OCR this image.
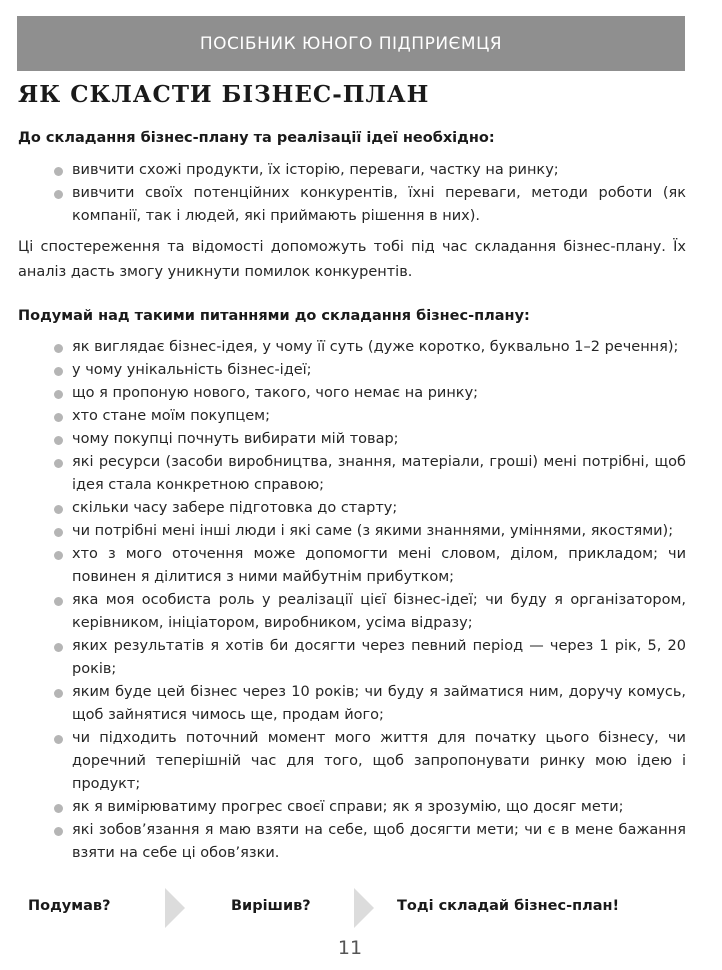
ПОСІБНИК ЮНОГО ПІДПРИЄМЦЯ
ЯК СКЛАСТИ БІЗНЕС-ПЛАН

До складання бізнес-плану та реалізації ідеї необхідно:

вивчити схожі продукти, їх історію, переваги, частку на ринку;
вивчити своїх потенційних конкурентів, їхні переваги, методи роботи (як компанії, так і людей, які приймають рішення в них).

Ці спостереження та відомості допоможуть тобі під час складання бізнес-плану. Їх аналіз дасть змогу уникнути помилок конкурентів.

Подумай над такими питаннями до складання бізнес-плану:

як виглядає бізнес-ідея, у чому її суть (дуже коротко, буквально 1–2 речення);
у чому унікальність бізнес-ідеї;
що я пропоную нового, такого, чого немає на ринку;
хто стане моїм покупцем;
чому покупці почнуть вибирати мій товар;
які ресурси (засоби виробництва, знання, матеріали, гроші) мені потрібні, щоб ідея стала конкретною справою;
скільки часу забере підготовка до старту;
чи потрібні мені інші люди і які саме (з якими знаннями, уміннями, якостями);
хто з мого оточення може допомогти мені словом, ділом, прикладом; чи повинен я ділитися з ними майбутнім прибутком;
яка моя особиста роль у реалізації цієї бізнес-ідеї; чи буду я організатором, керівником, ініціатором, виробником, усіма відразу;
яких результатів я хотів би досягти через певний період — через 1 рік, 5, 20 років;
яким буде цей бізнес через 10 років; чи буду я займатися ним, доручу комусь, щоб зайнятися чимось ще, продам його;
чи підходить поточний момент мого життя для початку цього бізнесу, чи доречний теперішній час для того, щоб запропонувати ринку мою ідею і продукт;
як я вимірюватиму прогрес своєї справи; як я зрозумію, що досяг мети;
які зобов’язання я маю взяти на себе, щоб досягти мети; чи є в мене бажання взяти на себе ці обов’язки.
Подумав?	Вирішив?	Тоді складай бізнес-план!
11
